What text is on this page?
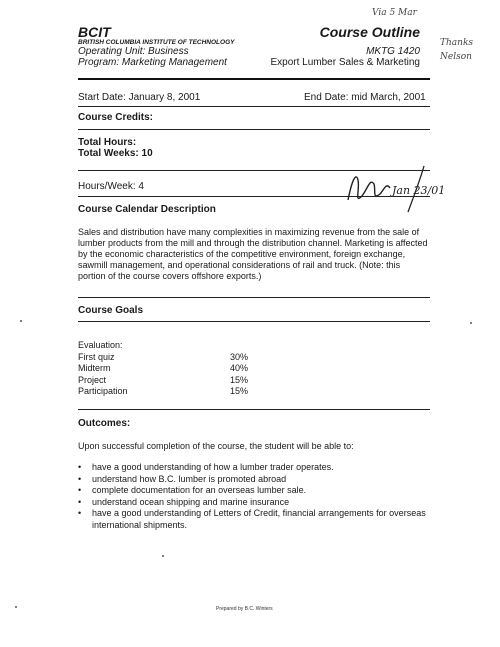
BCIT
BRITISH COLUMBIA INSTITUTE OF TECHNOLOGY
Operating Unit: Business
Program: Marketing Management
Via 5 Mar
Course Outline
MKTG 1420
Export Lumber Sales & Marketing
Thanks
Nelson
Start Date: January 8, 2001	End Date: mid March, 2001
Course Credits:
Total Hours:
Total Weeks: 10
Hours/Week: 4	Jan 23/01
Course Calendar Description
Sales and distribution have many complexities in maximizing revenue from the sale of lumber products from the mill and through the distribution channel. Marketing is affected by the economic characteristics of the competitive environment, foreign exchange, sawmill management, and operational considerations of rail and truck. (Note: this portion of the course covers offshore exports.)
Course Goals
Evaluation:
First quiz	30%
Midterm	40%
Project	15%
Participation	15%
Outcomes:
Upon successful completion of the course, the student will be able to:
•	have a good understanding of how a lumber trader operates.
•	understand how B.C. lumber is promoted abroad
•	complete documentation for an overseas lumber sale.
•	understand ocean shipping and marine insurance
•	have a good understanding of Letters of Credit, financial arrangements for overseas international shipments.
Prepared by B.C. Winters
